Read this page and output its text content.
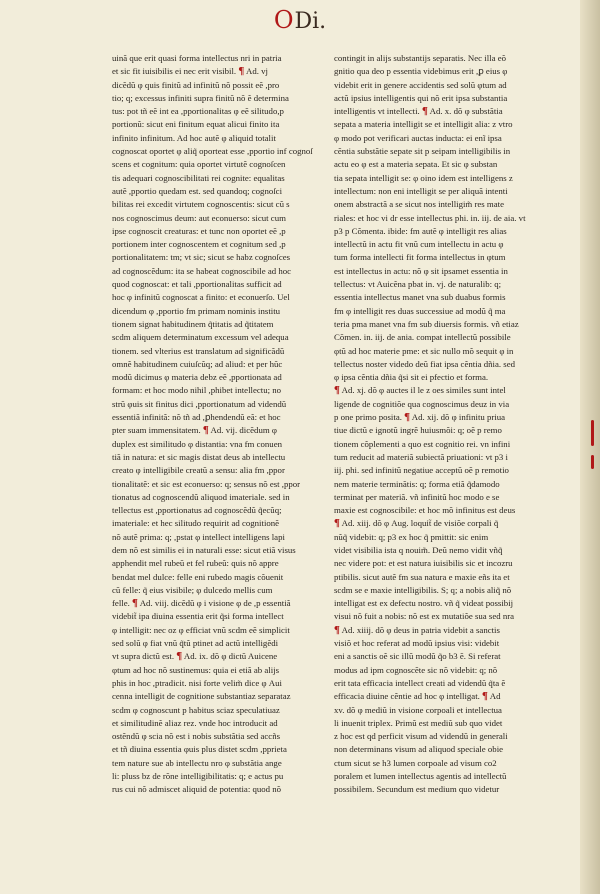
ODi.
uinã que erit quasi forma intellectus nri in patria
et sic fit iuisibilis ei nec erit visibil. ¶ Ad. vj
dicẽdũ φ quis finitũ ad infinitũ nõ possit eẽ ,pro
tio; q; excessus infiniti supra finitũ nõ ẽ determina
tus: pot tñ eẽ int ea ,pportionalitas φ eẽ silitudo,p
portionũ: sicut eni finitum equat alicui finito ita
infinito infinitum. Ad hoc autẽ φ aliquid totalit
cognoscat oportet φ aliq̃ oporteat esse ,pportio inf cognoſ
scens et cognitum: quia oportet virtutẽ cognoſcen
tis adequari cognoscibilitati rei cognite: equalitas
autẽ ,pportio quedam est. sed quandoq; cognoſci
bilitas rei excedit virtutem cognoscentis: sicut cũ s
nos cognoscimus deum: aut econuerso: sicut cum
ipse cognoscit creaturas: et tunc non oportet eẽ ,p
portionem inter cognoscentem et cognitum sed ,p
portionalitatem: tm; vt sic; sicut se habz cognoſces
ad cognoscẽdum: ita se habeat cognoscibile ad hoc
quod cognoscat: et tali ,pportionalitas sufficit ad
hoc φ infinitũ cognoscat a finito: et econuerſo. Uel
dicendum φ ,pportio fm primam nominis institu
tionem signat habitudinem q̃titatis ad q̃titatem
scdm aliquem determinatum excessum vel adequa
tionem. sed vlterius est translatum ad significãdũ
omnẽ habitudinem cuiuſcũq; ad aliud: et per hũc
modũ dicimus φ materia debz eẽ ,pportionata ad
formam: et hoc modo nihil ,phibet intellectu; no
strũ φuis sit finitus dici ,pportionatum ad videndũ
essentiã infinitã: nõ tñ ad ,ꝑhendendũ eã: et hoc
pter suam immensitatem. ¶ Ad. vij. dicẽdum φ
duplex est similitudo φ distantia: vna fm conuen
tiã in natura: et sic magis distat deus ab intellectu
creato φ intelligibile creatũ a sensu: alia fm ,ppor
tionalitatẽ: et sic est econuerso: q; sensus nõ est ,ppor
tionatus ad cognoscendũ aliquod imateriale. sed in
tellectus est ,pportionatus ad cognoscẽdũ q̃ecũq;
imateriale: et hec silitudo requirit ad cognitionẽ
nõ autẽ prima: q; ,pstat φ intellect intelligens lapi
dem nõ est similis ei in naturali esse: sicut etiã visus
apphendit mel rubeũ et fel rubeũ: quis nõ appre
bendat mel dulce: felle eni rubedo magis cõuenit
cũ felle: q̃ eius visibile; φ dulcedo mellis cum
felle. ¶ Ad. viij. dicẽdũ φ i visione φ de ,p essentiã
videbit̃ ipa diuina essentia erit q̃si forma intellect
φ intelligit: nec oz φ efficiat vnũ scdm eẽ simplicit
sed solũ φ fiat vnũ q̃tũ ptinet ad actũ intelligẽdi
vt supra dictũ est. ¶ Ad. ix. dõ φ dictũ Auicene
φtum ad hoc nõ sustinemus: quia ei etiã ab alijs
phis in hoc ,ptradicit. nisi forte velim̃ dice φ Aui
cenna intelligit de cognitione substantiaz separataz
scdm φ cognoscunt p habitus sciaz speculatiuaz
et similitudinẽ aliaz rez. vnde hoc introducit ad
ostẽndũ φ scia nõ est i nobis substãtia sed accñs
et tñ diuina essentia φuis plus distet scdm ,pprieta
tem nature sue ab intellectu nro φ substãtia ange
li: pluss bz de rõne intelligibilitatis: q; e actus pu
rus cui nõ admiscet aliquid de potentia: quod nõ
contingit in alijs substantijs separatis. Nec illa eõ
gnitio qua deo p essentia videbimus erit ,ꝑ eius φ
videbit erit in genere accidentis sed solũ φtum ad
actũ ipsius intelligentis qui nõ erit ipsa substantia
intelligentis vt intellecti. ¶ Ad. x. dõ φ substãtia
sepata a materia intelligit se et intelligit alia: z vtro
φ modo pot verificari auctas inducta: ei enĩ ipsa
cẽntia substãtie sepate sit p seipam intelligibilis in
actu eo φ est a materia sepata. Et sic φ substan
tia sepata intelligit se: φ oino idem est intelligens z
intellectum: non eni intelligit se per aliquã intenti
onem abstractã a se sicut nos intelligim̃ res mate
riales: et hoc vi dr esse intellectus phi. in. iij. de aia. vt
p3 p Cõmenta. ibide: fm autẽ φ intelligit res alias
intellectũ in actu fit vnũ cum intellectu in actu φ
tum forma intellecti fit forma intellectus in φtum
est intellectus in actu: nõ φ sit ipsamet essentia in
tellectus: vt Auicẽna pbat in. vj. de naturalib: q;
essentia intellectus manet vna sub duabus formis
fm φ intelligit res duas successiue ad modũ q̃ ma
teria pma manet vna fm sub diuersis formis. vñ etiaz
Cõmen. in. iij. de ania. compat intellectũ possibile
φtũ ad hoc materie pme: et sic nullo mõ sequit φ in
tellectus noster videdo deũ fiat ipsa cẽntia dñia. sed
φ ipsa cẽntia dñia q̃si sit ei pfectio et forma.
¶ Ad. xj. dõ φ auctes il le z oes similes sunt intel
ligende de cognitiõe qua cognoscimus deuz in via
p one primo posita. ¶ Ad. xij. dõ φ infinitu priua
tiue dictũ e ignotũ ingrẽ huiusmõi: q; oẽ p remo
tionem cõplementi a quo est cognitio rei. vn infini
tum reducit ad materiã subiectã priuationi: vt p3 i
iij. phi. sed infinitũ negatiue acceptũ oẽ p remotio
nem materie terminãtis: q; forma etiã q̃damodo
terminat per materiã. vñ infinitũ hoc modo e se
maxie est cognoscibile: et hoc mõ infinitus est deus
¶ Ad. xiij. dõ φ Aug. loquit̃ de visiõe corpali q̃
nũq̃ videbit: q; p3 ex hoc q̃ pmittit: sic enim
videt visibilia ista q nouim̃. Deũ nemo vidit vñq̃
nec videre pot: et est natura iuisibilis sic et incozru
ptibilis. sicut autẽ fm sua natura e maxie eñs ita et
scdm se e maxie intelligibilis. S; q; a nobis aliq̃ nõ
intelligat est ex defectu nostro. vñ q̃ videat possibij
visui nõ fuit a nobis: nõ est ex mutatiõe sua sed nra
¶ Ad. xiiij. dõ φ deus in patria videbit a sanctis
visiõ et hoc referat ad modũ ipsius visi: videbit
eni a sanctis oẽ sic illũ modũ q̃o b3 ẽ. Si referat
modus ad ipm cognoscẽte sic nõ videbit: q; nõ
erit tata efficacia intellect creati ad videndũ q̃ta ẽ
efficacia diuine cẽntie ad hoc φ intelligat. ¶ Ad
xv. dõ φ mediũ in visione corpoali et intellectua
li inuenit triplex. Primũ est mediũ sub quo videt
z hoc est qd perficit visum ad videndũ in generali
non determinans visum ad aliquod speciale obie
ctum sicut se h3 lumen corpoale ad visum co2
poralem et lumen intellectus agentis ad intellectũ
possibilem. Secundum est medium quo videtur
